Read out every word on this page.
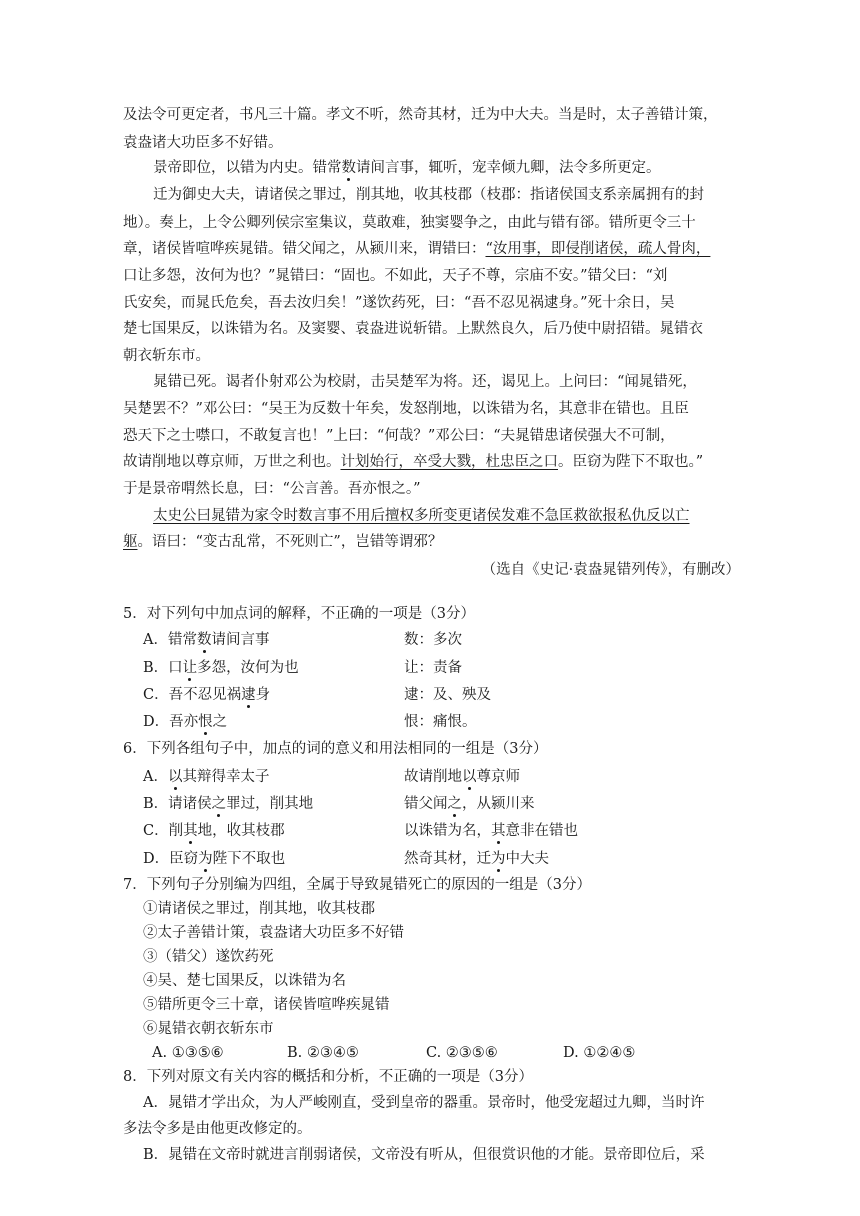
及法令可更定者，书凡三十篇。孝文不听，然奇其材，迁为中大夫。当是时，太子善错计策，
袁盎诸大功臣多不好错。
景帝即位，以错为内史。错常数请间言事，辄听，宠幸倾九卿，法令多所更定。
迁为御史大夫，请诸侯之罪过，削其地，收其枝郡（枝郡：指诸侯国支系亲属拥有的封
地）。奏上，上令公卿列侯宗室集议，莫敢难，独窦婴争之，由此与错有郤。错所更令三十
章，诸侯皆喧哗疾晁错。错父闻之，从颍川来，谓错曰：“汝用事，即侵削诸侯，疏人骨肉，
口让多怨，汝何为也？”晁错曰：“固也。不如此，天子不尊，宗庙不安。”错父曰：“刘
氏安矣，而晁氏危矣，吾去汝归矣！”遂饮药死，曰：“吾不忍见祸逮身。”死十余日，吴
楚七国果反，以诛错为名。及窦婴、袁盎进说斩错。上默然良久，后乃使中尉招错。晁错衣
朝衣斩东市。
晁错已死。谒者仆射邓公为校尉，击吴楚军为将。还，谒见上。上问曰：“闻晁错死，
吴楚罢不？”邓公曰：“吴王为反数十年矣，发怒削地，以诛错为名，其意非在错也。且臣
恐天下之士噤口，不敢复言也！”上曰：“何哉？”邓公曰：“夫晁错患诸侯强大不可制，
故请削地以尊京师，万世之利也。计划始行，卒受大戮，杜忠臣之口。臣窃为陛下不取也。”
于是景帝喟然长息，曰：“公言善。吾亦恨之。”
太史公曰晁错为家令时数言事不用后擅权多所变更诸侯发难不急匡救欲报私仇反以亡
躯。语曰：“变古乱常，不死则亡”，岂错等谓邪？
（选自《史记·袁盎晁错列传》，有删改）
5．对下列句中加点词的解释，不正确的一项是（3分）
A．错常数请间言事	数：多次
B．口让多怨，汝何为也	让：责备
C．吾不忍见祸逮身	逮：及、殃及
D．吾亦恨之	恨：痛恨。
6．下列各组句子中，加点的词的意义和用法相同的一组是（3分）
A．以其辩得幸太子	故请削地以尊京师
B．请诸侯之罪过，削其地	错父闻之，从颍川来
C．削其地，收其枝郡	以诛错为名，其意非在错也
D．臣窃为陛下不取也	然奇其材，迁为中大夫
7．下列句子分别编为四组，全属于导致晁错死亡的原因的一组是（3分）
①请诸侯之罪过，削其地，收其枝郡
②太子善错计策，袁盎诸大功臣多不好错
③（错父）遂饮药死
④吴、楚七国果反，以诛错为名
⑤错所更令三十章，诸侯皆喧哗疾晁错
⑥晁错衣朝衣斩东市
A. ①③⑤⑥	B. ②③④⑤	C. ②③⑤⑥	D. ①②④⑤
8．下列对原文有关内容的概括和分析，不正确的一项是（3分）
A．晁错才学出众，为人严峻刚直，受到皇帝的器重。景帝时，他受宠超过九卿，当时许
多法令多是由他更改修定的。
B．晁错在文帝时就进言削弱诸侯，文帝没有听从，但很赏识他的才能。景帝即位后，采
